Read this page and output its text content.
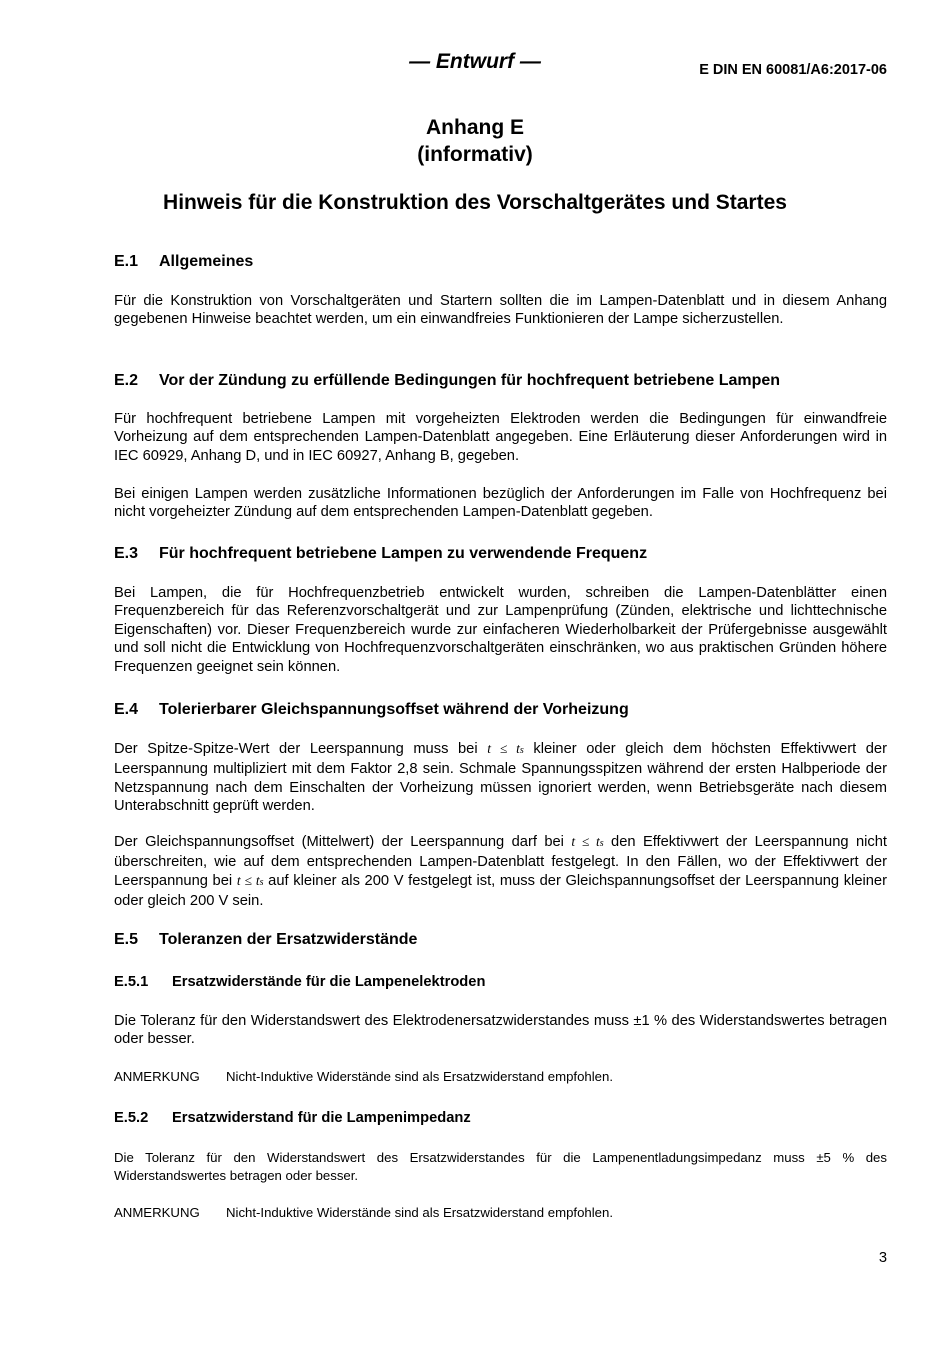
— Entwurf —	E DIN EN 60081/A6:2017-06
Anhang E
(informativ)
Hinweis für die Konstruktion des Vorschaltgerätes und Startes
E.1 Allgemeines
Für die Konstruktion von Vorschaltgeräten und Startern sollten die im Lampen-Datenblatt und in diesem Anhang gegebenen Hinweise beachtet werden, um ein einwandfreies Funktionieren der Lampe sicherzustellen.
E.2 Vor der Zündung zu erfüllende Bedingungen für hochfrequent betriebene Lampen
Für hochfrequent betriebene Lampen mit vorgeheizten Elektroden werden die Bedingungen für einwandfreie Vorheizung auf dem entsprechenden Lampen-Datenblatt angegeben. Eine Erläuterung dieser Anforderungen wird in IEC 60929, Anhang D, und in IEC 60927, Anhang B, gegeben.
Bei einigen Lampen werden zusätzliche Informationen bezüglich der Anforderungen im Falle von Hochfrequenz bei nicht vorgeheizter Zündung auf dem entsprechenden Lampen-Datenblatt gegeben.
E.3 Für hochfrequent betriebene Lampen zu verwendende Frequenz
Bei Lampen, die für Hochfrequenzbetrieb entwickelt wurden, schreiben die Lampen-Datenblätter einen Frequenzbereich für das Referenzvorschaltgerät und zur Lampenprüfung (Zünden, elektrische und lichttechnische Eigenschaften) vor. Dieser Frequenzbereich wurde zur einfacheren Wiederholbarkeit der Prüfergebnisse ausgewählt und soll nicht die Entwicklung von Hochfrequenzvorschaltgeräten einschränken, wo aus praktischen Gründen höhere Frequenzen geeignet sein können.
E.4 Tolerierbarer Gleichspannungsoffset während der Vorheizung
Der Spitze-Spitze-Wert der Leerspannung muss bei t ≤ ts kleiner oder gleich dem höchsten Effektivwert der Leerspannung multipliziert mit dem Faktor 2,8 sein. Schmale Spannungsspitzen während der ersten Halbperiode der Netzspannung nach dem Einschalten der Vorheizung müssen ignoriert werden, wenn Betriebsgeräte nach diesem Unterabschnitt geprüft werden.
Der Gleichspannungsoffset (Mittelwert) der Leerspannung darf bei t ≤ ts den Effektivwert der Leerspannung nicht überschreiten, wie auf dem entsprechenden Lampen-Datenblatt festgelegt. In den Fällen, wo der Effektivwert der Leerspannung bei t ≤ ts auf kleiner als 200 V festgelegt ist, muss der Gleichspannungsoffset der Leerspannung kleiner oder gleich 200 V sein.
E.5 Toleranzen der Ersatzwiderstände
E.5.1 Ersatzwiderstände für die Lampenelektroden
Die Toleranz für den Widerstandswert des Elektrodenersatzwiderstandes muss ±1 % des Widerstandswertes betragen oder besser.
ANMERKUNG Nicht-Induktive Widerstände sind als Ersatzwiderstand empfohlen.
E.5.2 Ersatzwiderstand für die Lampenimpedanz
Die Toleranz für den Widerstandswert des Ersatzwiderstandes für die Lampenentladungsimpedanz muss ±5 % des Widerstandswertes betragen oder besser.
ANMERKUNG Nicht-Induktive Widerstände sind als Ersatzwiderstand empfohlen.
3
